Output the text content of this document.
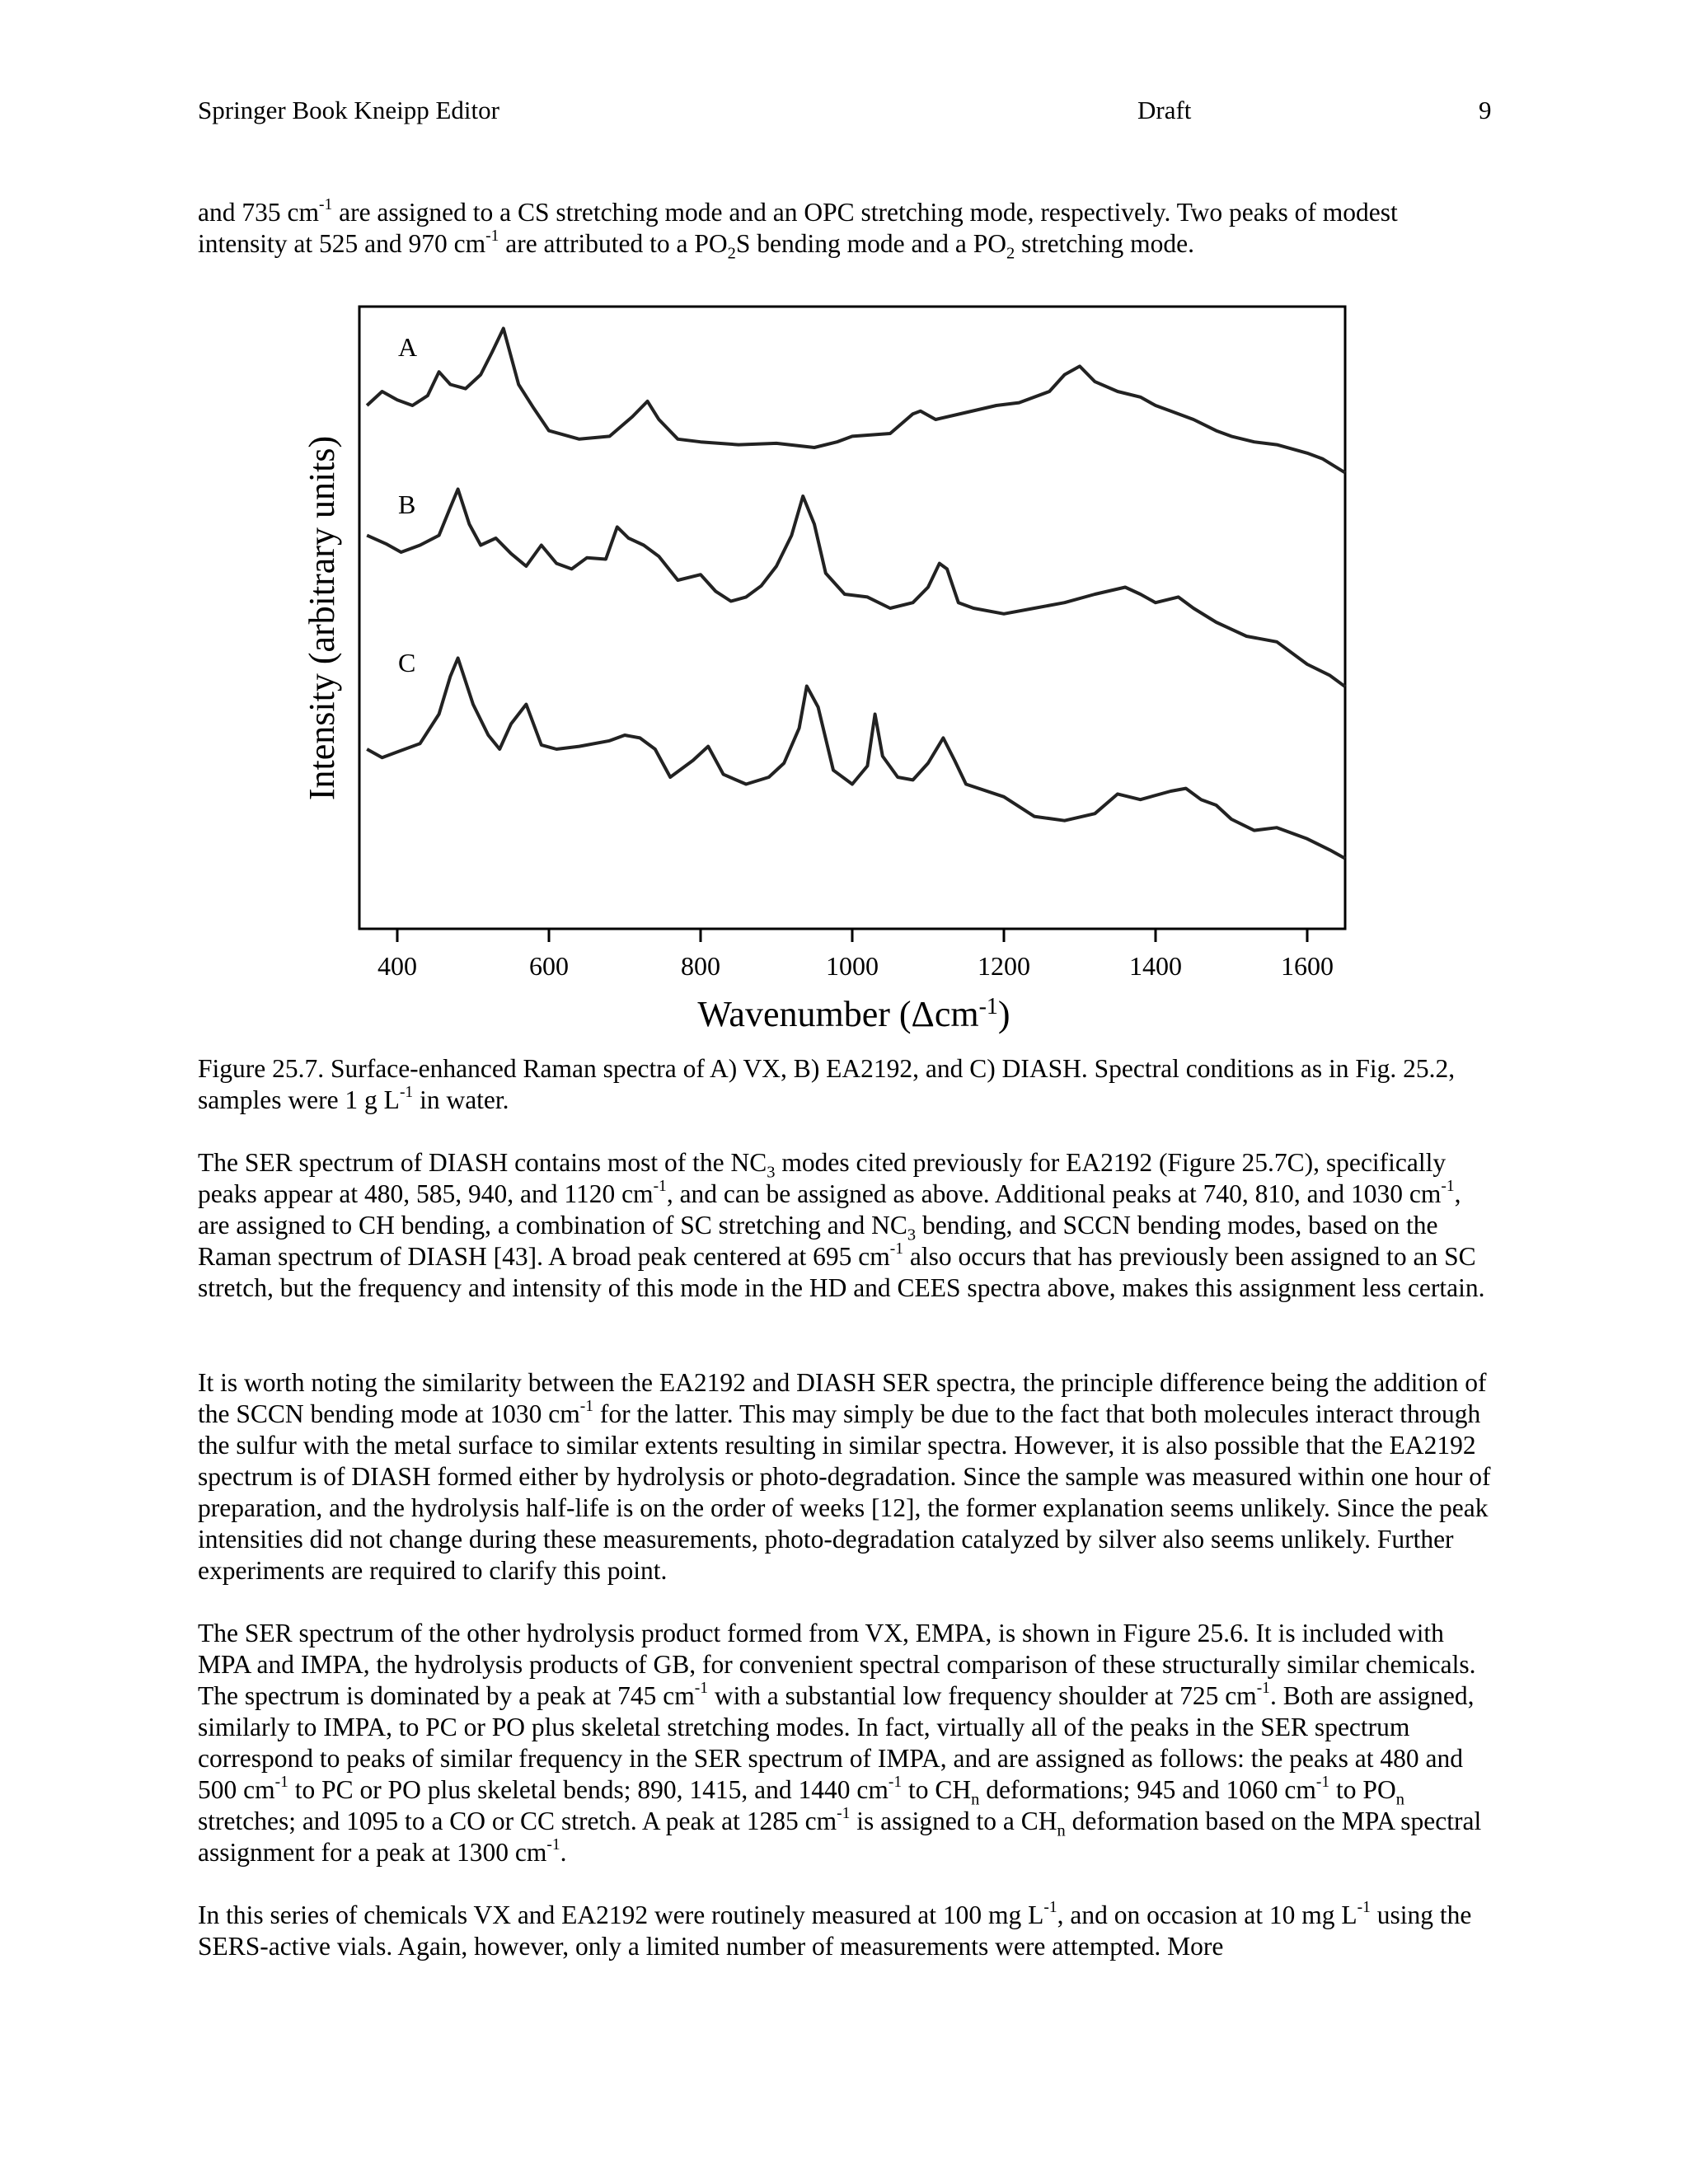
Springer Book Kneipp Editor	Draft	9

and 735 $cm^{-1}$ are assigned to a CS stretching mode and an OPC stretching mode, respectively. Two peaks of modest intensity at 525 and 970 $cm^{-1}$ are attributed to a $PO_2S$ bending mode and a $PO_2$ stretching mode.

Intensity (arbitrary units)
400	600	800	1000	1200	1400	1600
A
B
C
Wavenumber (Δcm$^{-1}$)

Figure 25.7. Surface-enhanced Raman spectra of A) VX, B) EA2192, and C) DIASH. Spectral conditions as in Fig. 25.2, samples were 1 g $L^{-1}$ in water.

The SER spectrum of DIASH contains most of the $NC_3$ modes cited previously for EA2192 (Figure 25.7C), specifically peaks appear at 480, 585, 940, and 1120 $cm^{-1}$, and can be assigned as above. Additional peaks at 740, 810, and 1030 $cm^{-1}$, are assigned to CH bending, a combination of SC stretching and $NC_3$ bending, and SCCN bending modes, based on the Raman spectrum of DIASH [43]. A broad peak centered at 695 $cm^{-1}$ also occurs that has previously been assigned to an SC stretch, but the frequency and intensity of this mode in the HD and CEES spectra above, makes this assignment less certain.

It is worth noting the similarity between the EA2192 and DIASH SER spectra, the principle difference being the addition of the SCCN bending mode at 1030 $cm^{-1}$ for the latter. This may simply be due to the fact that both molecules interact through the sulfur with the metal surface to similar extents resulting in similar spectra. However, it is also possible that the EA2192 spectrum is of DIASH formed either by hydrolysis or photo-degradation. Since the sample was measured within one hour of preparation, and the hydrolysis half-life is on the order of weeks [12], the former explanation seems unlikely. Since the peak intensities did not change during these measurements, photo-degradation catalyzed by silver also seems unlikely. Further experiments are required to clarify this point.

The SER spectrum of the other hydrolysis product formed from VX, EMPA, is shown in Figure 25.6. It is included with MPA and IMPA, the hydrolysis products of GB, for convenient spectral comparison of these structurally similar chemicals. The spectrum is dominated by a peak at 745 $cm^{-1}$ with a substantial low frequency shoulder at 725 $cm^{-1}$. Both are assigned, similarly to IMPA, to PC or PO plus skeletal stretching modes. In fact, virtually all of the peaks in the SER spectrum correspond to peaks of similar frequency in the SER spectrum of IMPA, and are assigned as follows: the peaks at 480 and 500 $cm^{-1}$ to PC or PO plus skeletal bends; 890, 1415, and 1440 $cm^{-1}$ to $CH_n$ deformations; 945 and 1060 $cm^{-1}$ to $PO_n$ stretches; and 1095 to a CO or CC stretch. A peak at 1285 $cm^{-1}$ is assigned to a $CH_n$ deformation based on the MPA spectral assignment for a peak at 1300 $cm^{-1}$.

In this series of chemicals VX and EA2192 were routinely measured at 100 mg $L^{-1}$, and on occasion at 10 mg $L^{-1}$ using the SERS-active vials. Again, however, only a limited number of measurements were attempted. More
